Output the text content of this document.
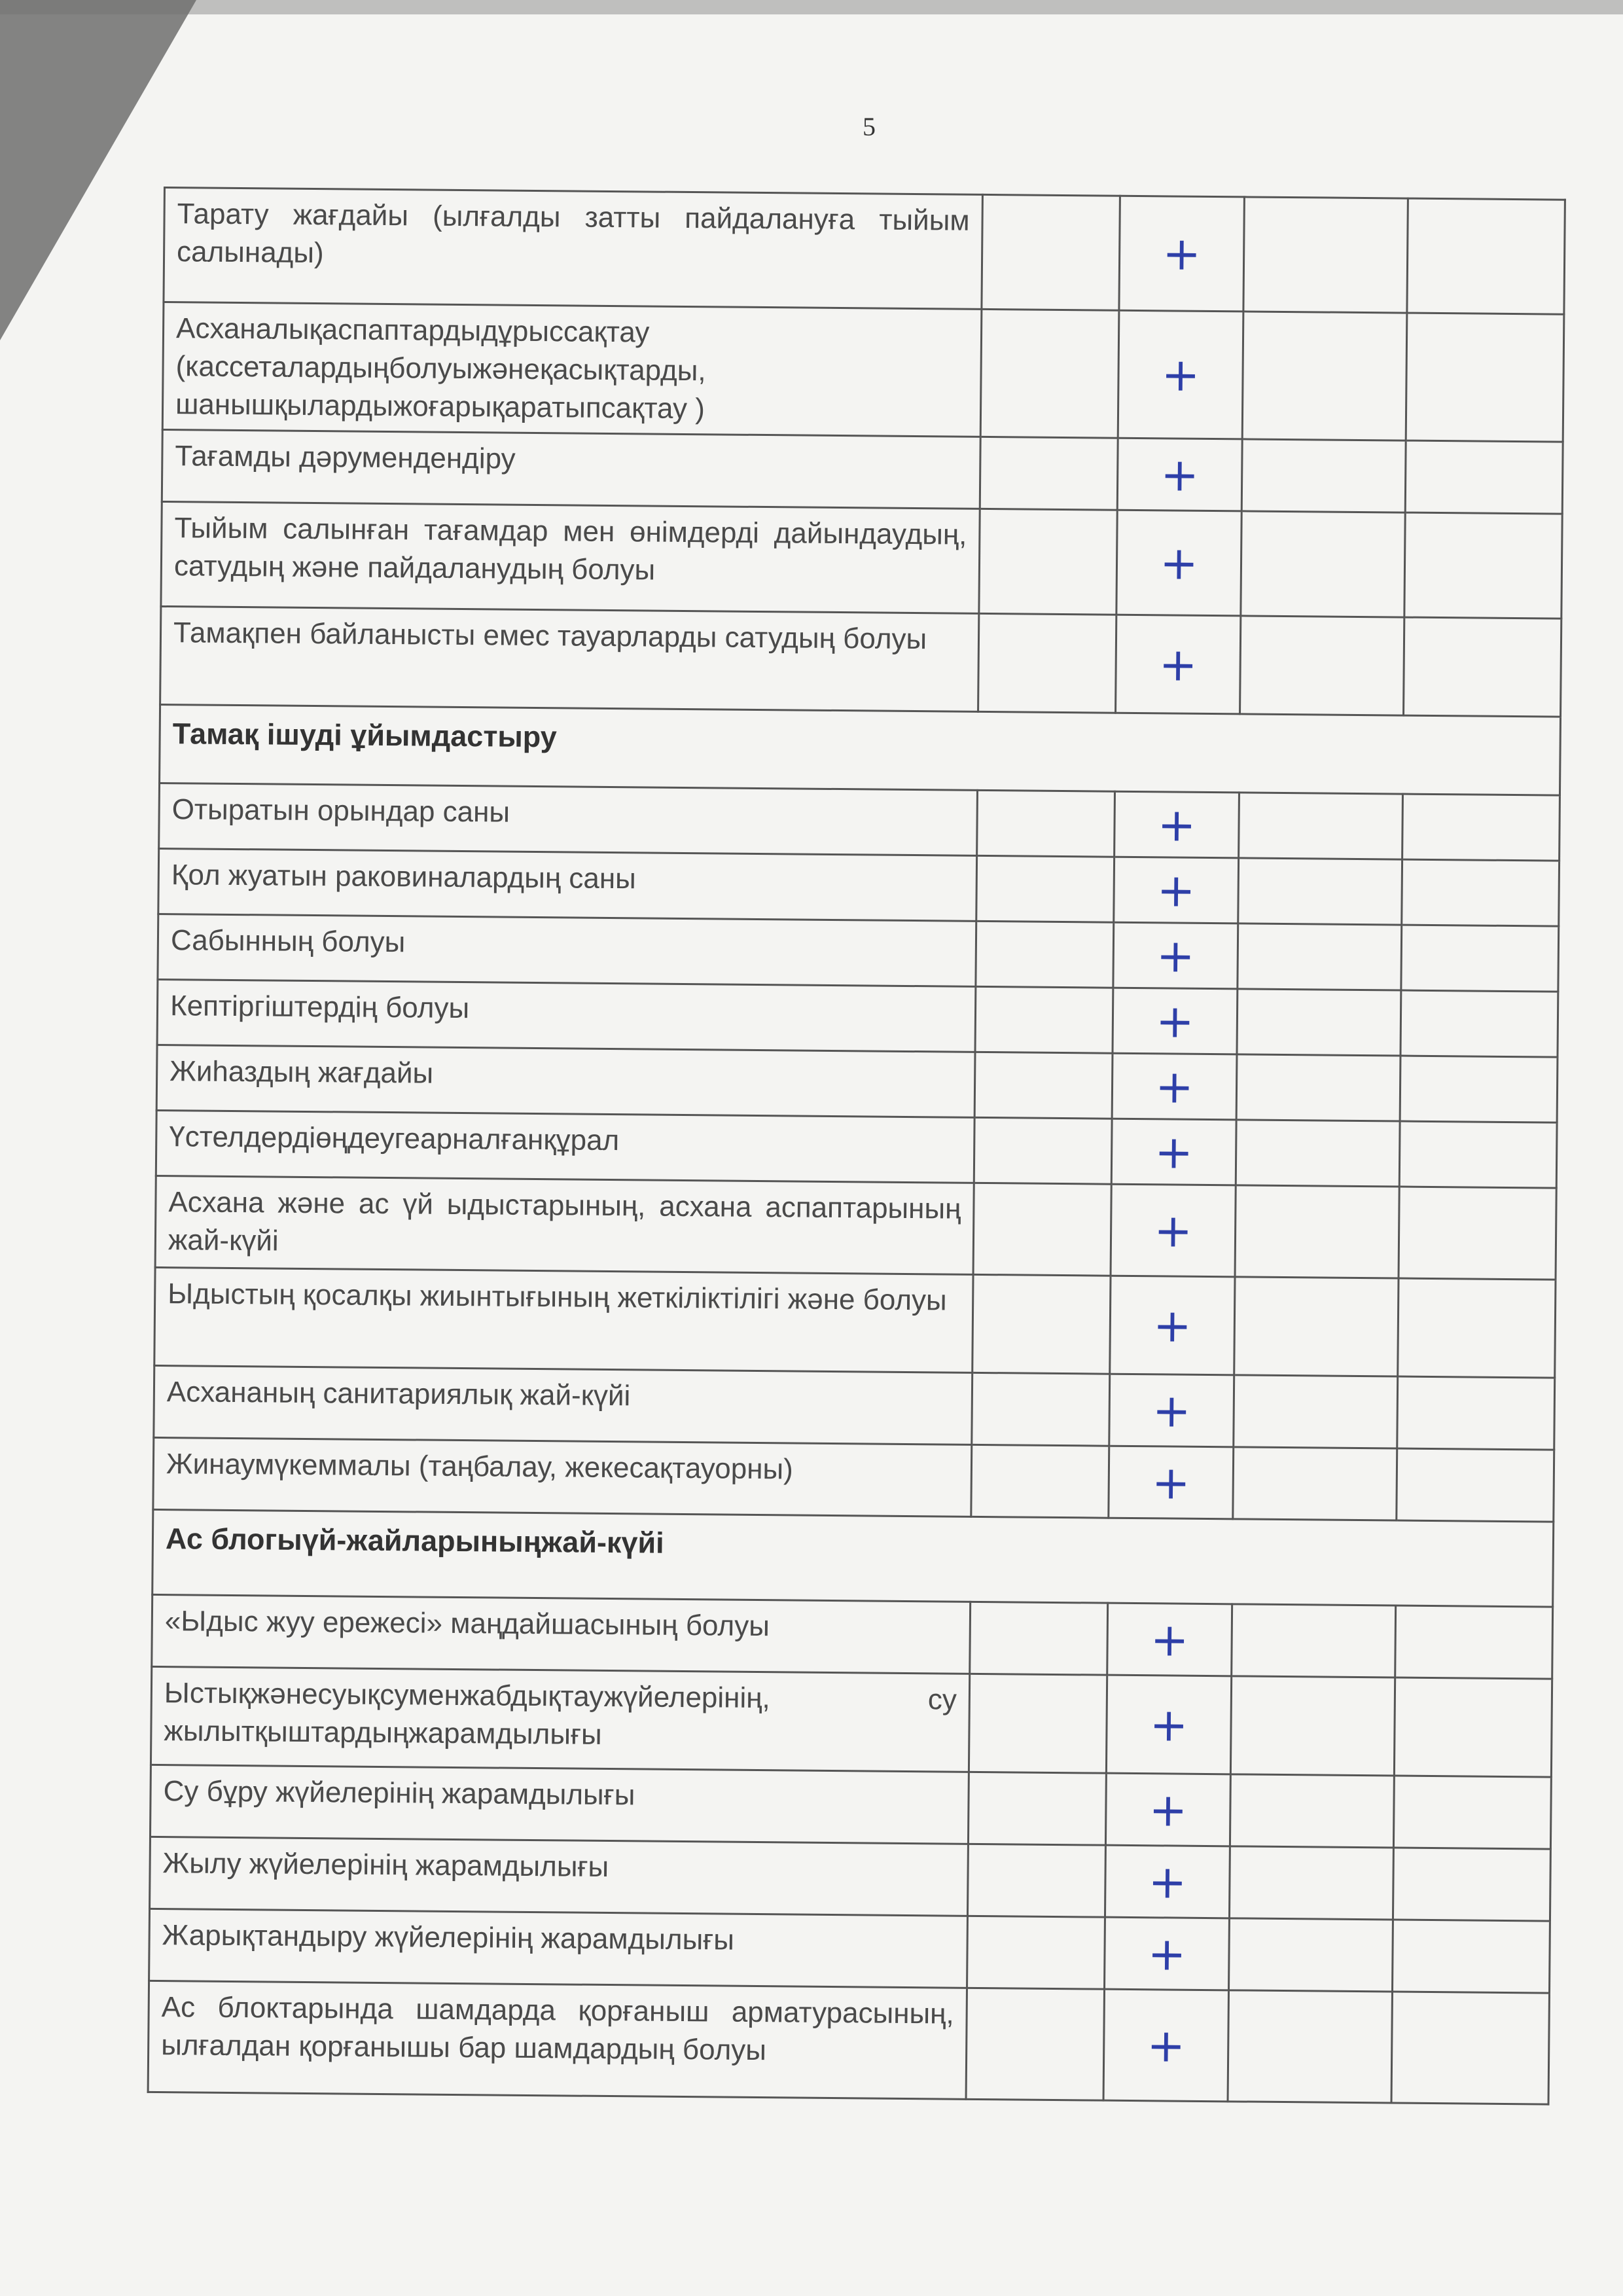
5
Тарату жағдайы (ылғалды затты пайдалануға тыйым салынады)		+		
Асханалықаспаптардыдұрыссақтау (кассеталардыңболуыжәнеқасықтарды, шанышқылардыжоғарықаратыпсақтау )		+		
Тағамды дәрумендендіру		+		
Тыйым салынған тағамдар мен өнімдерді дайындаудың, сатудың және пайдаланудың болуы		+		
Тамақпен байланысты емес тауарларды сатудың болуы		+		
Тамақ ішуді ұйымдастыру				
Отыратын орындар саны		+		
Қол жуатын раковиналардың саны		+		
Сабынның болуы		+		
Кептіргіштердің болуы		+		
Жиһаздың жағдайы		+		
Үстелдердіөңдеугеарналғанқұрал		+		
Асхана және ас үй ыдыстарының, асхана аспаптарының жай-күйі		+		
Ыдыстың қосалқы жиынтығының жеткіліктілігі және болуы		+		
Асхананың санитариялық жай-күйі		+		
Жинаумүкеммалы (таңбалау, жекесақтауорны)		+		
Ас блогыүй-жайларыныңжай-күйі				
«Ыдыс жуу ережесі» маңдайшасының болуы		+		
Ыстықжәнесуықсуменжабдықтаужүйелерінің, су жылытқыштардыңжарамдылығы		+		
Су бұру жүйелерінің жарамдылығы		+		
Жылу жүйелерінің жарамдылығы		+		
Жарықтандыру жүйелерінің жарамдылығы		+		
Ас блоктарында шамдарда қорғаныш арматурасының, ылғалдан қорғанышы бар шамдардың болуы		+		
